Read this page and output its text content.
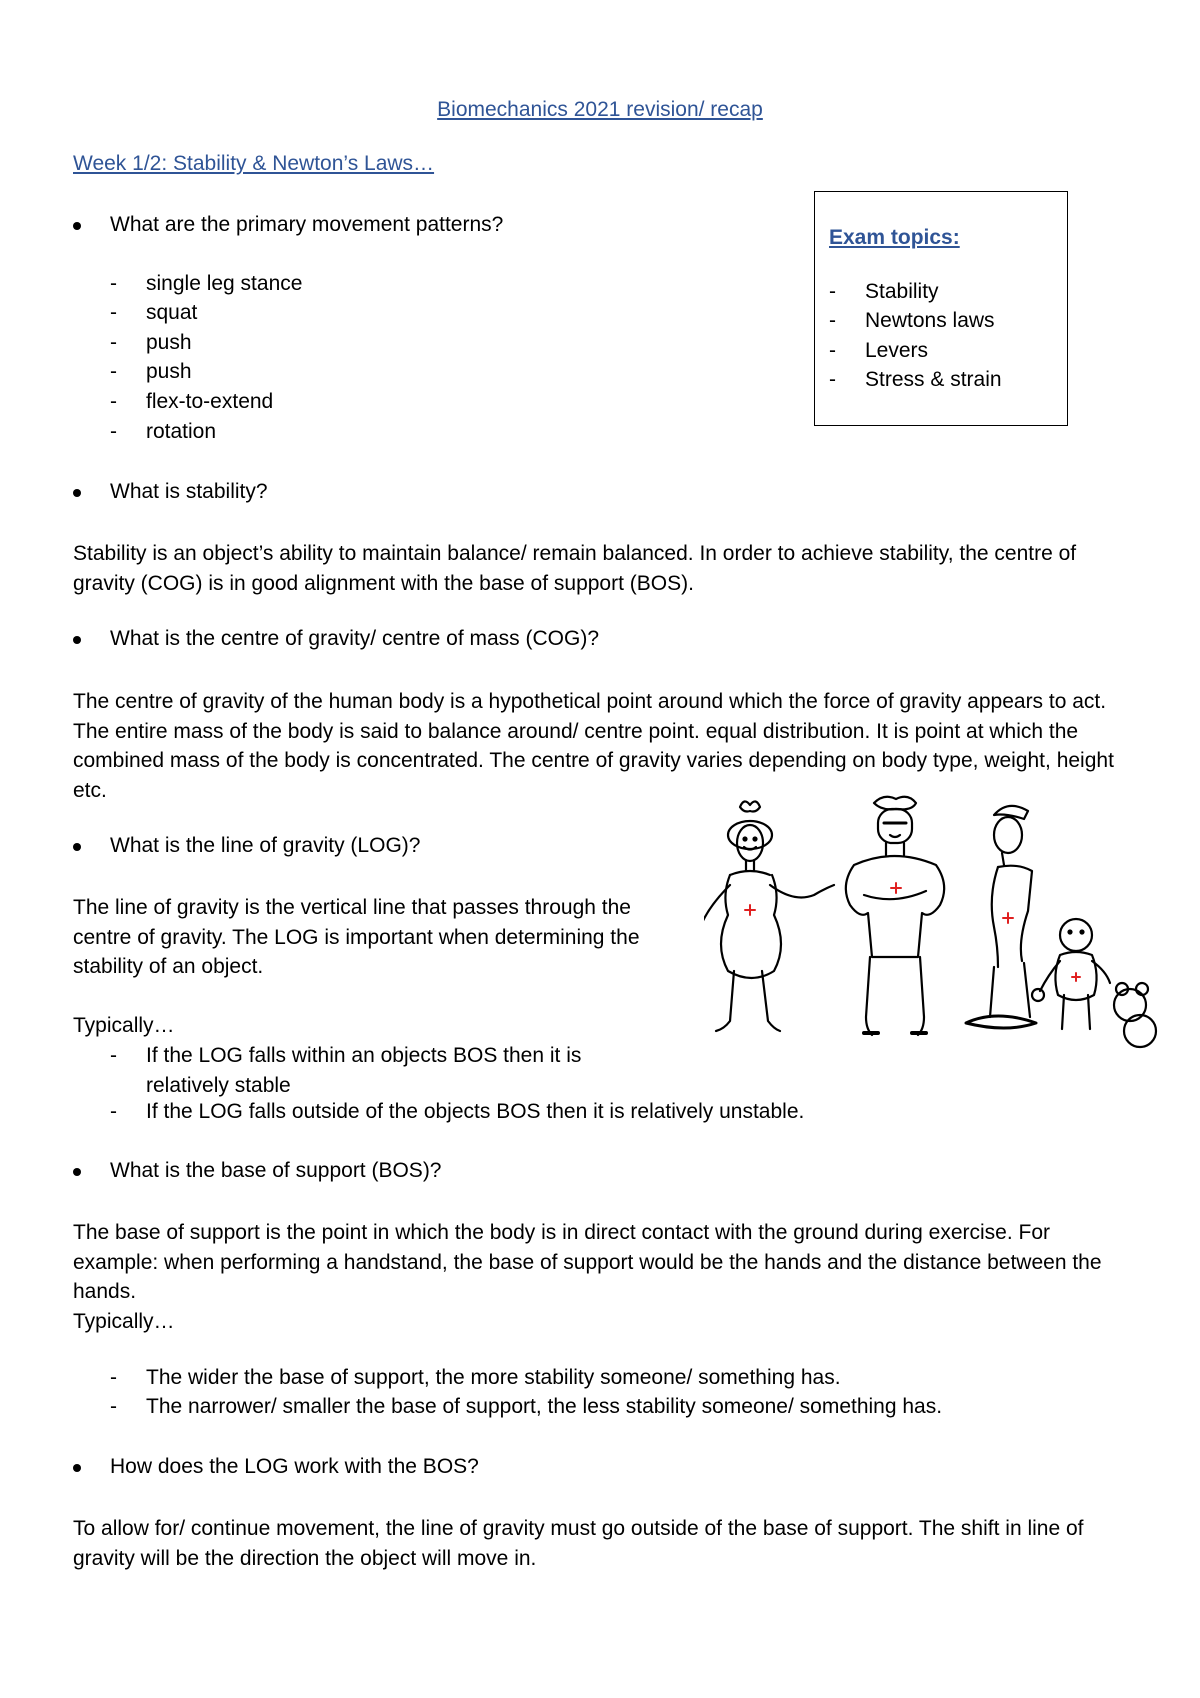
Biomechanics 2021 revision/ recap

Week 1/2: Stability & Newton’s Laws…

Exam topics:
- Stability
- Newtons laws
- Levers
- Stress & strain
What are the primary movement patterns?
- single leg stance
- squat
- push
- push
- flex-to-extend
- rotation
What is stability?

Stability is an object’s ability to maintain balance/ remain balanced. In order to achieve stability, the centre of gravity (COG) is in good alignment with the base of support (BOS).

What is the centre of gravity/ centre of mass (COG)?

The centre of gravity of the human body is a hypothetical point around which the force of gravity appears to act. The entire mass of the body is said to balance around/ centre point. equal distribution. It is point at which the combined mass of the body is concentrated. The centre of gravity varies depending on body type, weight, height etc.

What is the line of gravity (LOG)?

The line of gravity is the vertical line that passes through the centre of gravity. The LOG is important when determining the stability of an object.

Typically…

- If the LOG falls within an objects BOS then it is relatively stable
- If the LOG falls outside of the objects BOS then it is relatively unstable.
What is the base of support (BOS)?

The base of support is the point in which the body is in direct contact with the ground during exercise. For example: when performing a handstand, the base of support would be the hands and the distance between the hands.

Typically…

- The wider the base of support, the more stability someone/ something has.
- The narrower/ smaller the base of support, the less stability someone/ something has.
How does the LOG work with the BOS?

To allow for/ continue movement, the line of gravity must go outside of the base of support. The shift in line of gravity will be the direction the object will move in.
